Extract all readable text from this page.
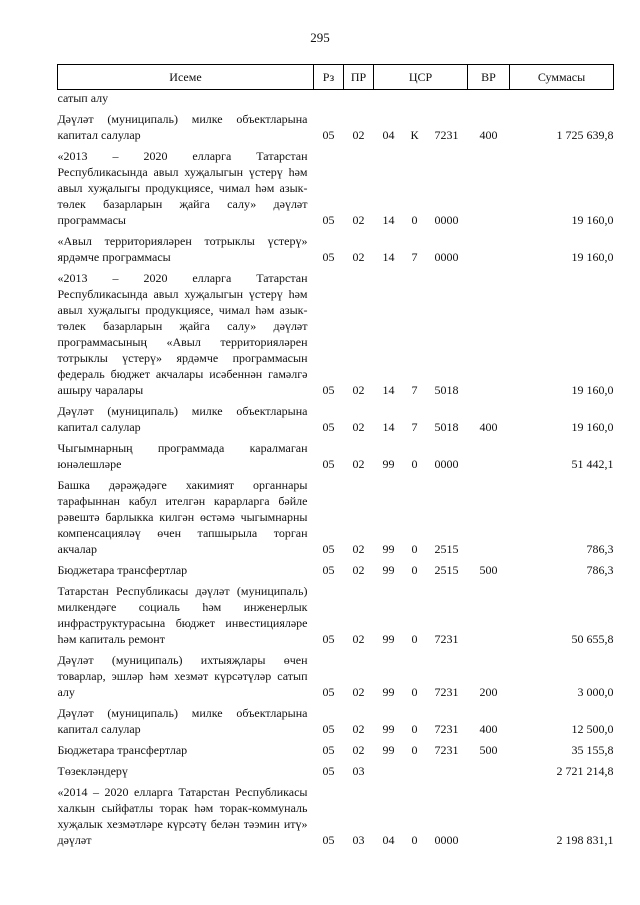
295
Исеме	Рз	ПР	ЦСР			ВР	Суммасы
сатып алу							

Дәүләт (муниципаль) милке объектларына капитал салулар	05	02	04	К	7231	400	1 725 639,8

«2013 – 2020 елларга Татарстан Республикасында авыл хуҗалыгын үстерү һәм авыл хуҗалыгы продукциясе, чимал һәм азык-төлек базарларын җайга салу» дәүләт программасы	05	02	14	0	0000		19 160,0

«Авыл территорияләрен тотрыклы үстерү» ярдәмче программасы	05	02	14	7	0000		19 160,0

«2013 – 2020 елларга Татарстан Республикасында авыл хуҗалыгын үстерү һәм авыл хуҗалыгы продукциясе, чимал һәм азык-төлек базарларын җайга салу» дәүләт программасының «Авыл территорияләрен тотрыклы үстерү» ярдәмче программасын федераль бюджет акчалары исәбеннән гамәлгә ашыру чаралары	05	02	14	7	5018		19 160,0

Дәүләт (муниципаль) милке объектларына капитал салулар	05	02	14	7	5018	400	19 160,0

Чыгымнарның программада каралмаган юнәлешләре	05	02	99	0	0000		51 442,1

Башка дәрәҗәдәге хакимият органнары тарафыннан кабул ителгән карарларга бәйле рәвештә барлыкка килгән өстәмә чыгымнарны компенсацияләү өчен тапшырыла торган акчалар	05	02	99	0	2515		786,3

Бюджетара трансфертлар	05	02	99	0	2515	500	786,3

Татарстан Республикасы дәүләт (муниципаль) милкендәге социаль һәм инженерлык инфраструктурасына бюджет инвестицияләре һәм капиталь ремонт	05	02	99	0	7231		50 655,8

Дәүләт (муниципаль) ихтыяҗлары өчен товарлар, эшләр һәм хезмәт күрсәтүләр сатып алу	05	02	99	0	7231	200	3 000,0

Дәүләт (муниципаль) милке объектларына капитал салулар	05	02	99	0	7231	400	12 500,0

Бюджетара трансфертлар	05	02	99	0	7231	500	35 155,8

Төзекләндерү	05	03					2 721 214,8

«2014 – 2020 елларга Татарстан Республикасы халкын сыйфатлы торак һәм торак-коммуналь хуҗалык хезмәтләре күрсәтү белән тәэмин итү» дәүләт	05	03	04	0	0000		2 198 831,1
